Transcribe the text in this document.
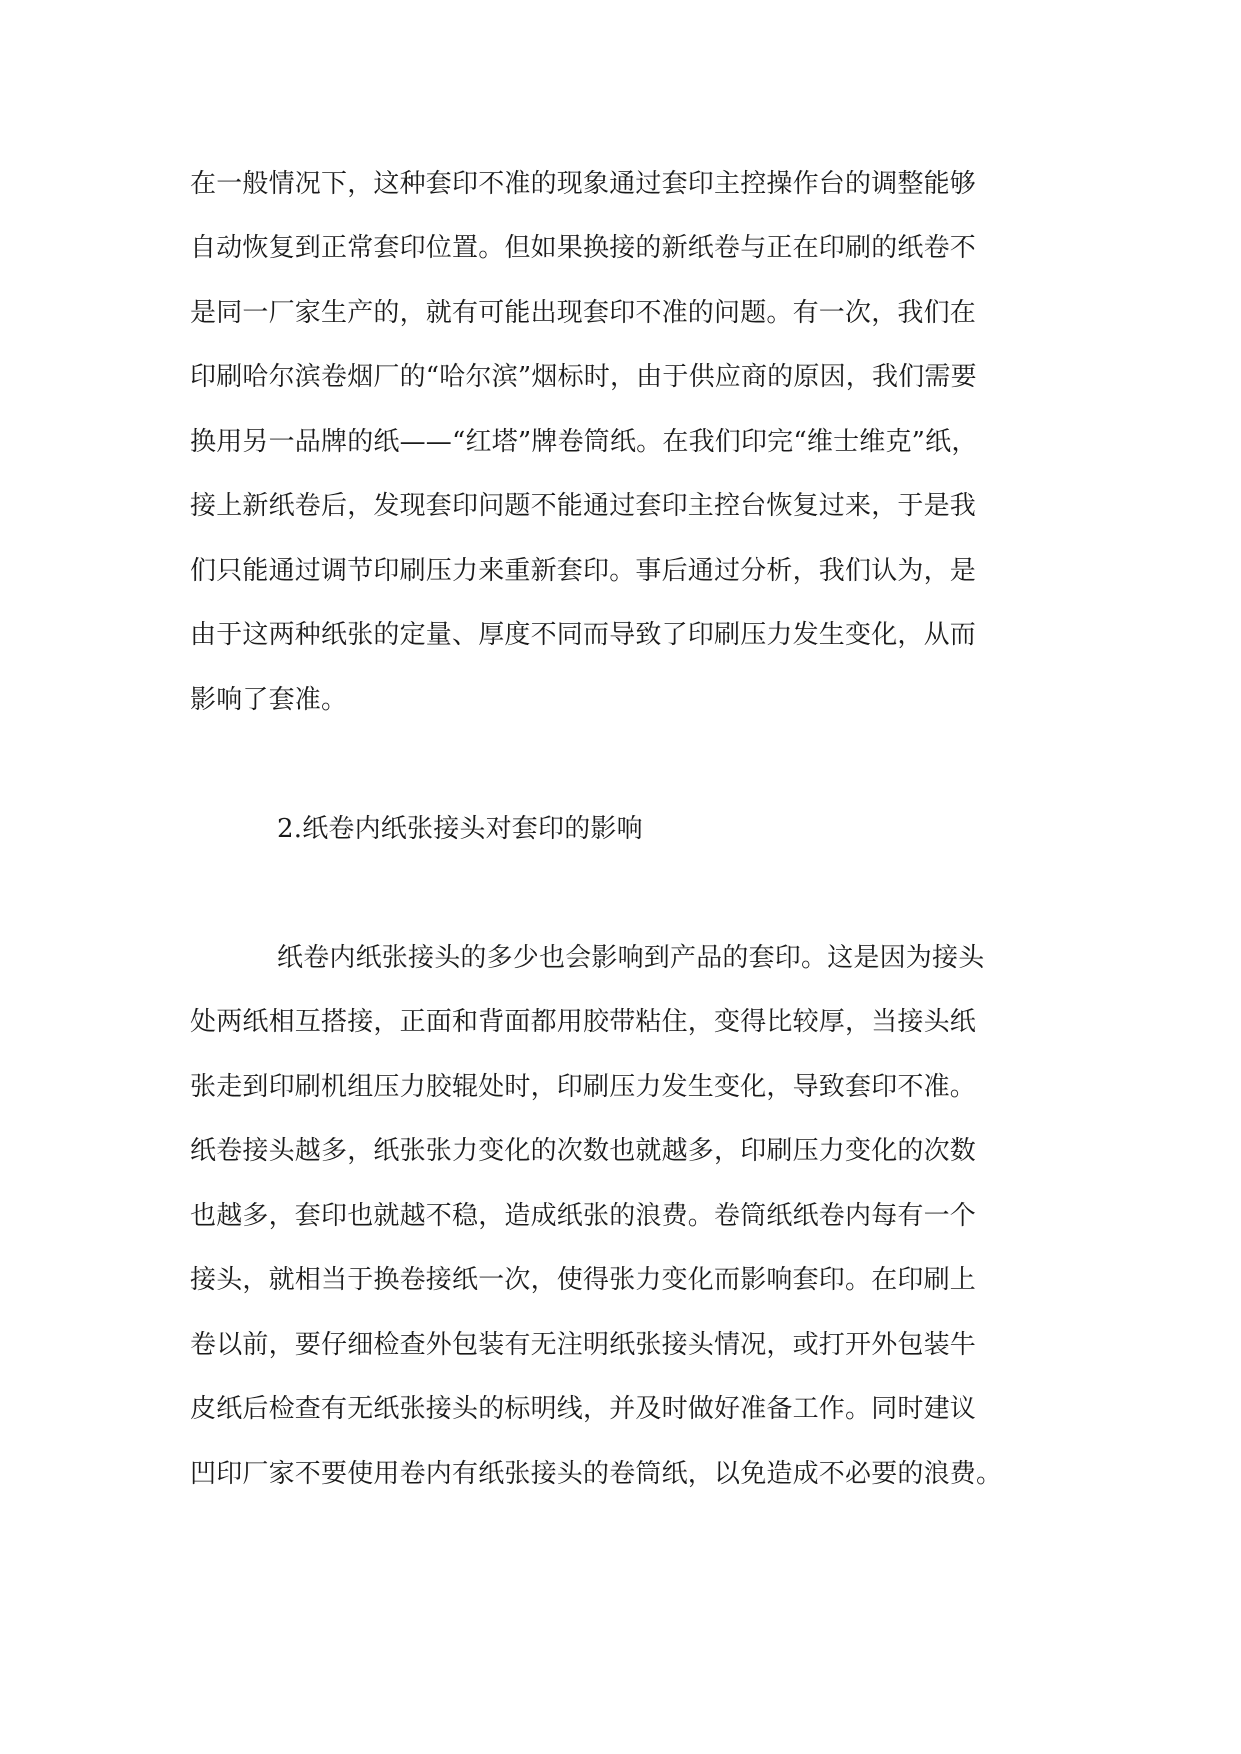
在一般情况下，这种套印不准的现象通过套印主控操作台的调整能够
自动恢复到正常套印位置。但如果换接的新纸卷与正在印刷的纸卷不
是同一厂家生产的，就有可能出现套印不准的问题。有一次，我们在
印刷哈尔滨卷烟厂的“哈尔滨”烟标时，由于供应商的原因，我们需要
换用另一品牌的纸——“红塔”牌卷筒纸。在我们印完“维士维克”纸，
接上新纸卷后，发现套印问题不能通过套印主控台恢复过来，于是我
们只能通过调节印刷压力来重新套印。事后通过分析，我们认为，是
由于这两种纸张的定量、厚度不同而导致了印刷压力发生变化，从而
影响了套准。
2.纸卷内纸张接头对套印的影响
纸卷内纸张接头的多少也会影响到产品的套印。这是因为接头
处两纸相互搭接，正面和背面都用胶带粘住，变得比较厚，当接头纸
张走到印刷机组压力胶辊处时，印刷压力发生变化，导致套印不准。
纸卷接头越多，纸张张力变化的次数也就越多，印刷压力变化的次数
也越多，套印也就越不稳，造成纸张的浪费。卷筒纸纸卷内每有一个
接头，就相当于换卷接纸一次，使得张力变化而影响套印。在印刷上
卷以前，要仔细检查外包装有无注明纸张接头情况，或打开外包装牛
皮纸后检查有无纸张接头的标明线，并及时做好准备工作。同时建议
凹印厂家不要使用卷内有纸张接头的卷筒纸，以免造成不必要的浪费。
